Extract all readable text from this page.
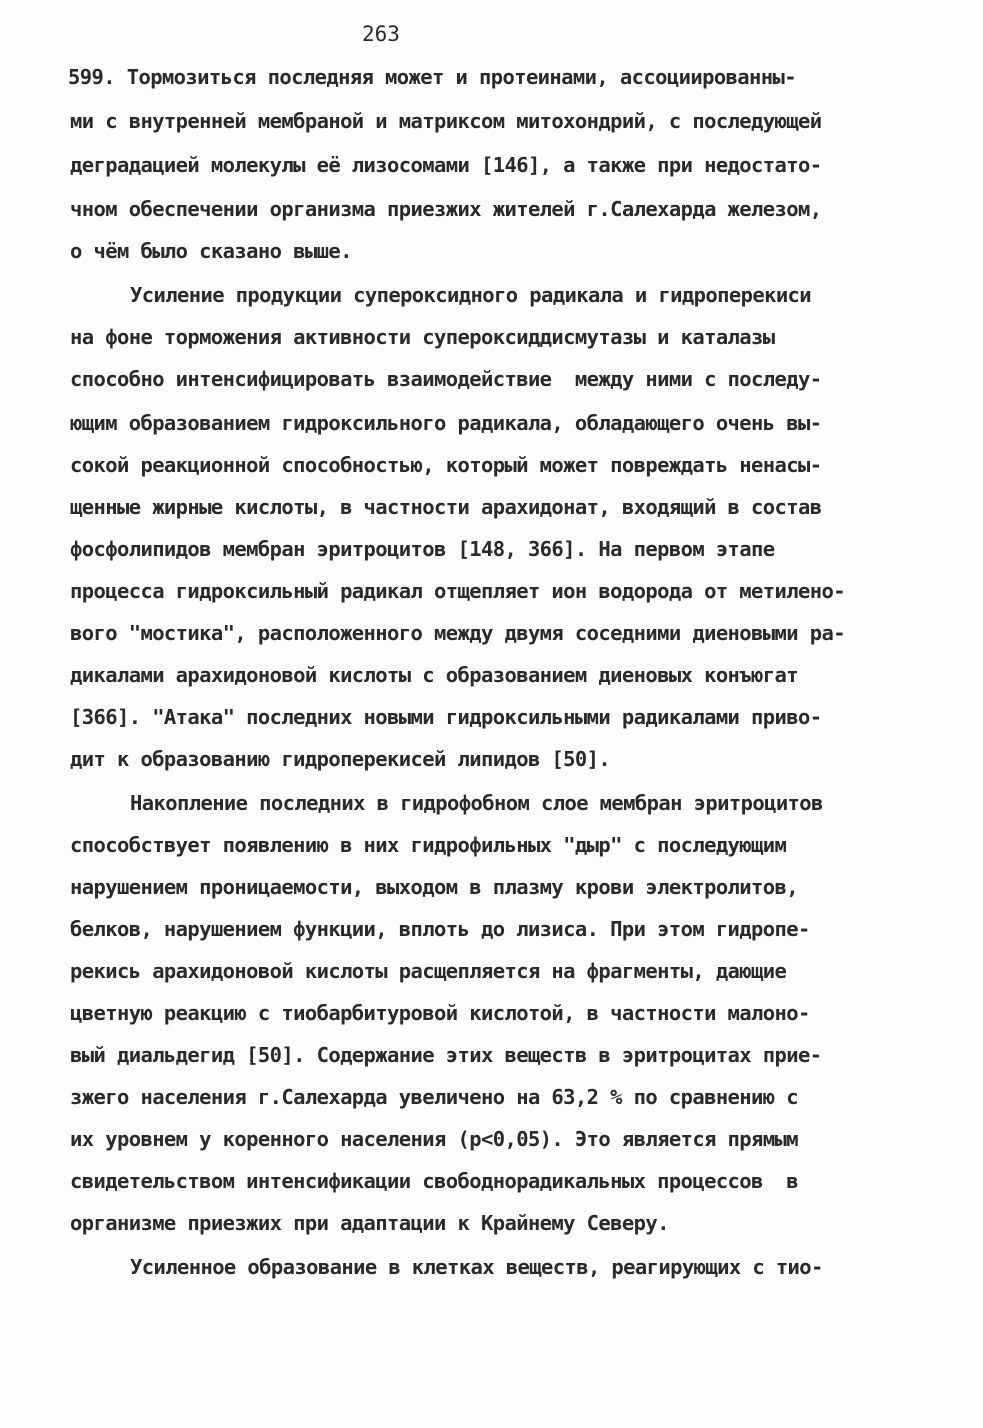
263
599. Тормозиться последняя может и протеинами, ассоциированны-
ми с внутренней мембраной и матриксом митохондрий, с последующей
деградацией молекулы её лизосомами [146], а также при недостато-
чном обеспечении организма приезжих жителей г.Салехарда железом,
о чём было сказано выше.
Усиление продукции супероксидного радикала и гидроперекиси
на фоне торможения активности супероксиддисмутазы и каталазы
способно интенсифицировать взаимодействие  между ними с последу-
ющим образованием гидроксильного радикала, обладающего очень вы-
сокой реакционной способностью, который может повреждать ненасы-
щенные жирные кислоты, в частности арахидонат, входящий в состав
фосфолипидов мембран эритроцитов [148, 366]. На первом этапе
процесса гидроксильный радикал отщепляет ион водорода от метилено-
вого "мостика", расположенного между двумя соседними диеновыми ра-
дикалами арахидоновой кислоты с образованием диеновых конъюгат
[366]. "Атака" последних новыми гидроксильными радикалами приво-
дит к образованию гидроперекисей липидов [50].
Накопление последних в гидрофобном слое мембран эритроцитов
способствует появлению в них гидрофильных "дыр" с последующим
нарушением проницаемости, выходом в плазму крови электролитов,
белков, нарушением функции, вплоть до лизиса. При этом гидропе-
рекись арахидоновой кислоты расщепляется на фрагменты, дающие
цветную реакцию с тиобарбитуровой кислотой, в частности малоно-
вый диальдегид [50]. Содержание этих веществ в эритроцитах прие-
зжего населения г.Салехарда увеличено на 63,2 % по сравнению с
их уровнем у коренного населения (р<0,05). Это является прямым
свидетельством интенсификации свободнорадикальных процессов  в
организме приезжих при адаптации к Крайнему Северу.
Усиленное образование в клетках веществ, реагирующих с тио-
